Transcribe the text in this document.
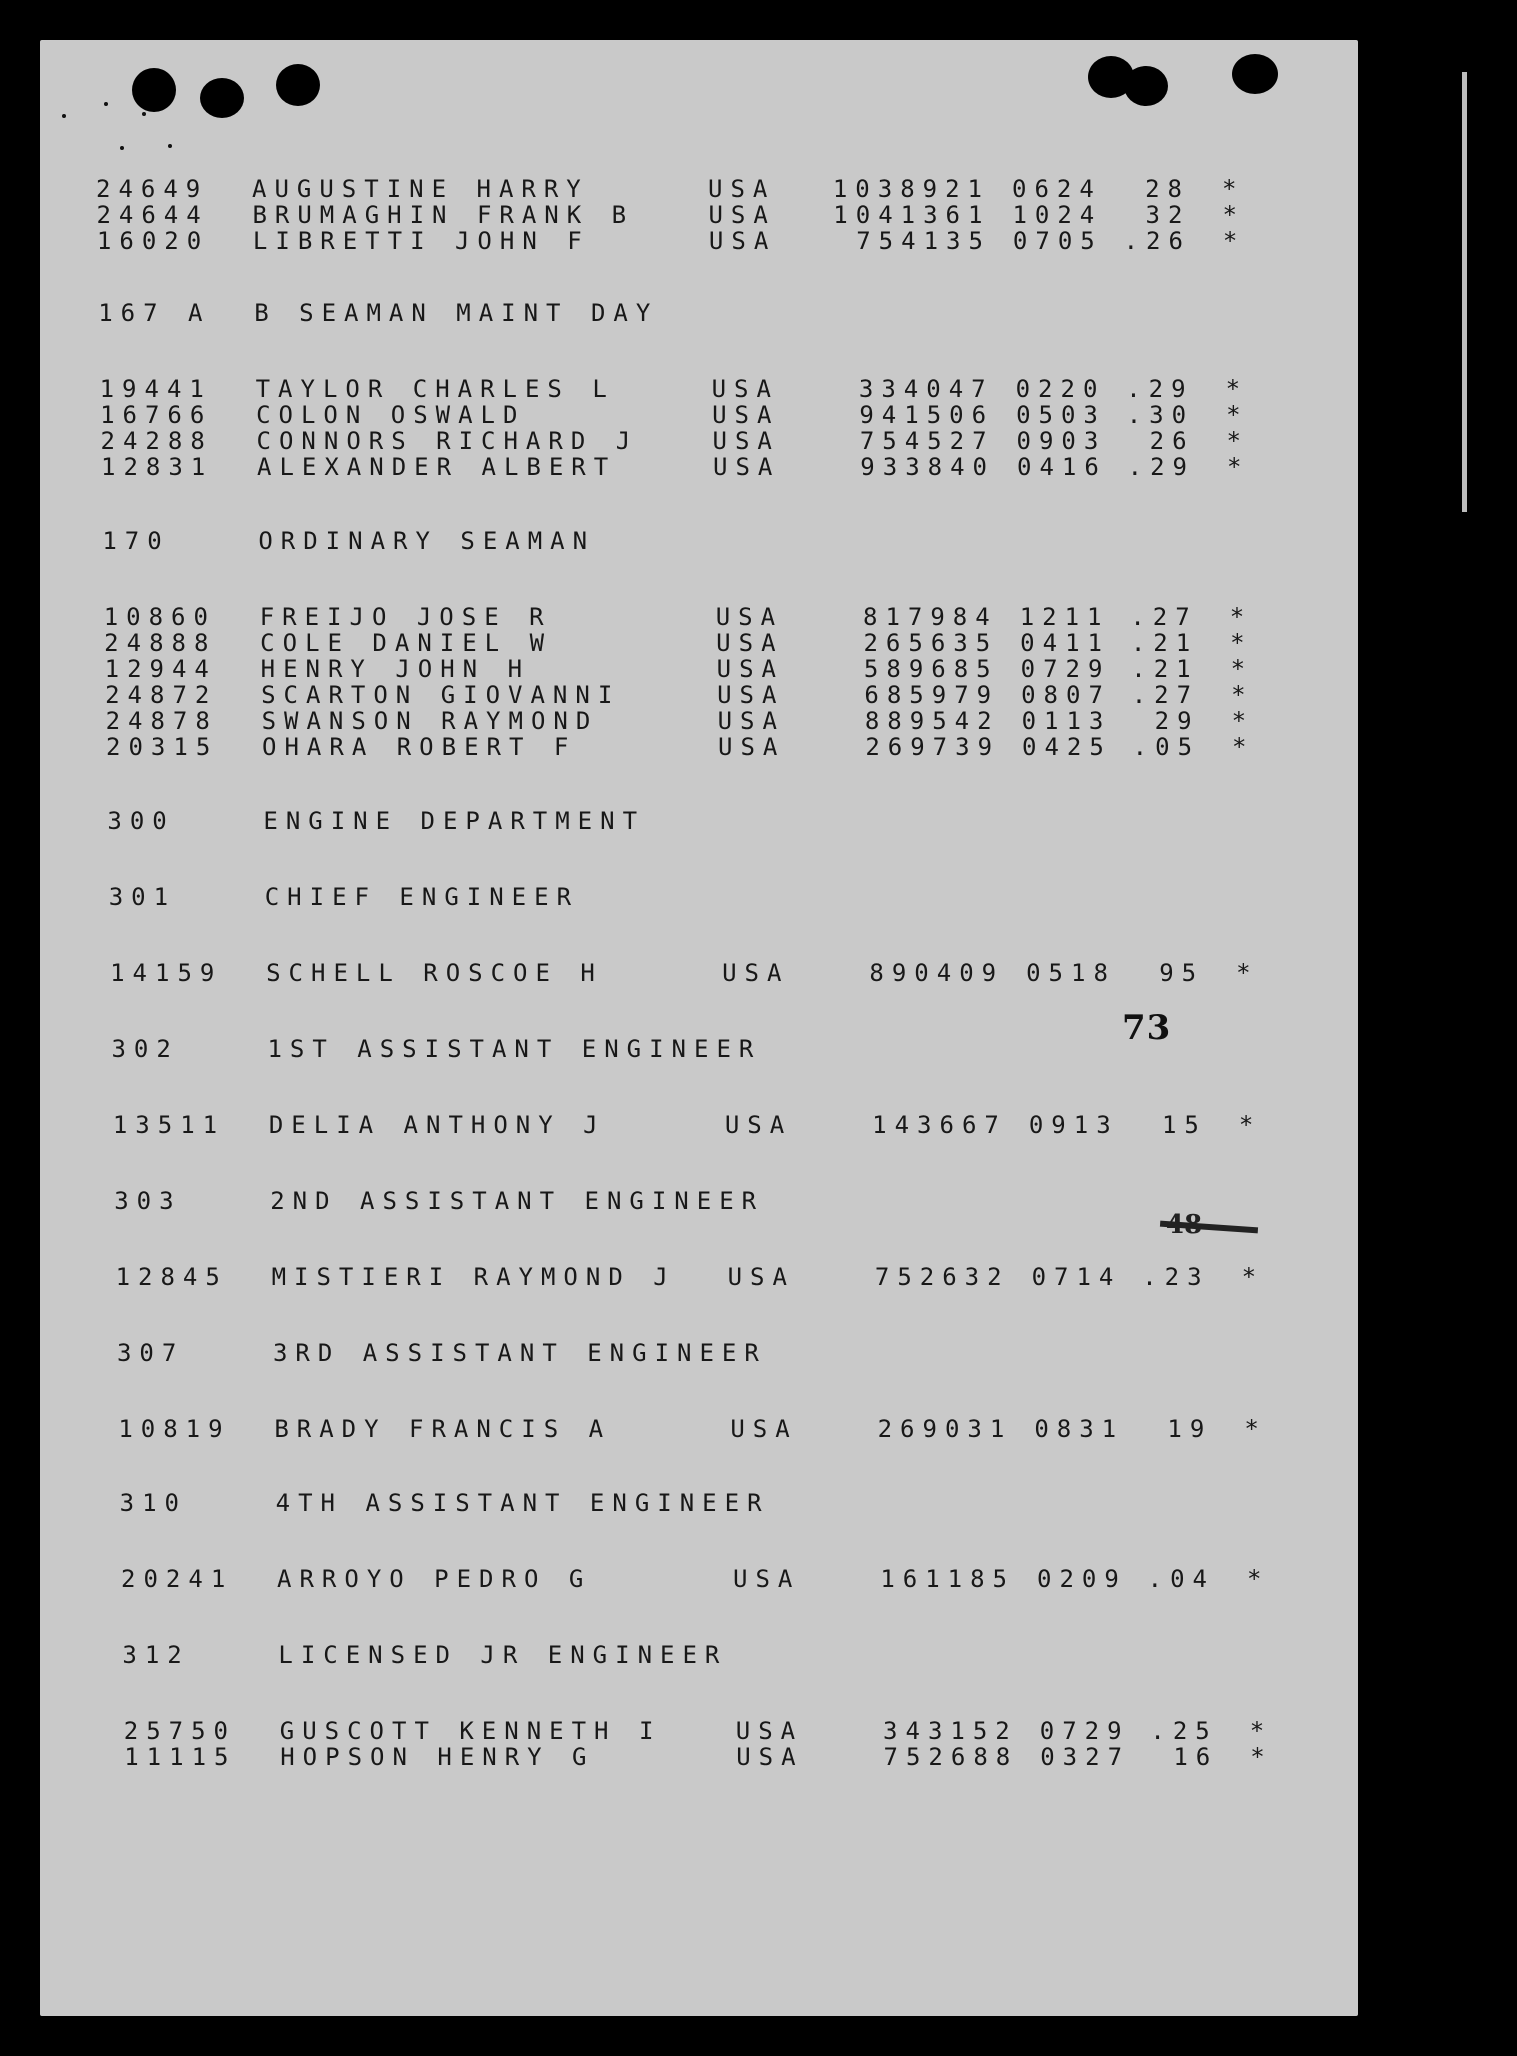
24649 AUGUSTINE HARRY	USA	1038921 0624	28 *
24644 BRUMAGHIN FRANK B	USA	1041361 1024	32 *
16020 LIBRETTI JOHN F	USA	754135 0705 .26 *
167 A B SEAMAN MAINT DAY
19441 TAYLOR CHARLES L	USA	334047 0220 .29 *
16766 COLON OSWALD	USA	941506 0503 .30 *
24288 CONNORS RICHARD J	USA	754527 0903	26 *
12831 ALEXANDER ALBERT	USA	933840 0416 .29 *
170	ORDINARY SEAMAN
10860 FREIJO JOSE R	USA	817984 1211 .27 *
24888 COLE DANIEL W	USA	265635 0411 .21 *
12944 HENRY JOHN H	USA	589685 0729 .21 *
24872 SCARTON GIOVANNI	USA	685979 0807 .27 *
24878 SWANSON RAYMOND	USA	889542 0113	29 *
20315 OHARA ROBERT F	USA	269739 0425 .05 *
300	ENGINE DEPARTMENT
301	CHIEF ENGINEER
14159 SCHELL ROSCOE H	USA	890409 0518	95 *
302	1ST ASSISTANT ENGINEER
13511 DELIA ANTHONY J	USA	143667 0913	15 *
303	2ND ASSISTANT ENGINEER
12845 MISTIERI RAYMOND J USA	752632 0714 .23 *
307	3RD ASSISTANT ENGINEER
10819 BRADY FRANCIS A	USA	269031 0831	19 *
310	4TH ASSISTANT ENGINEER
20241 ARROYO PEDRO G	USA	161185 0209 .04 *
312	LICENSED JR ENGINEER
25750 GUSCOTT KENNETH I	USA	343152 0729 .25 *
11115 HOPSON HENRY G	USA	752688 0327	16 *
73
